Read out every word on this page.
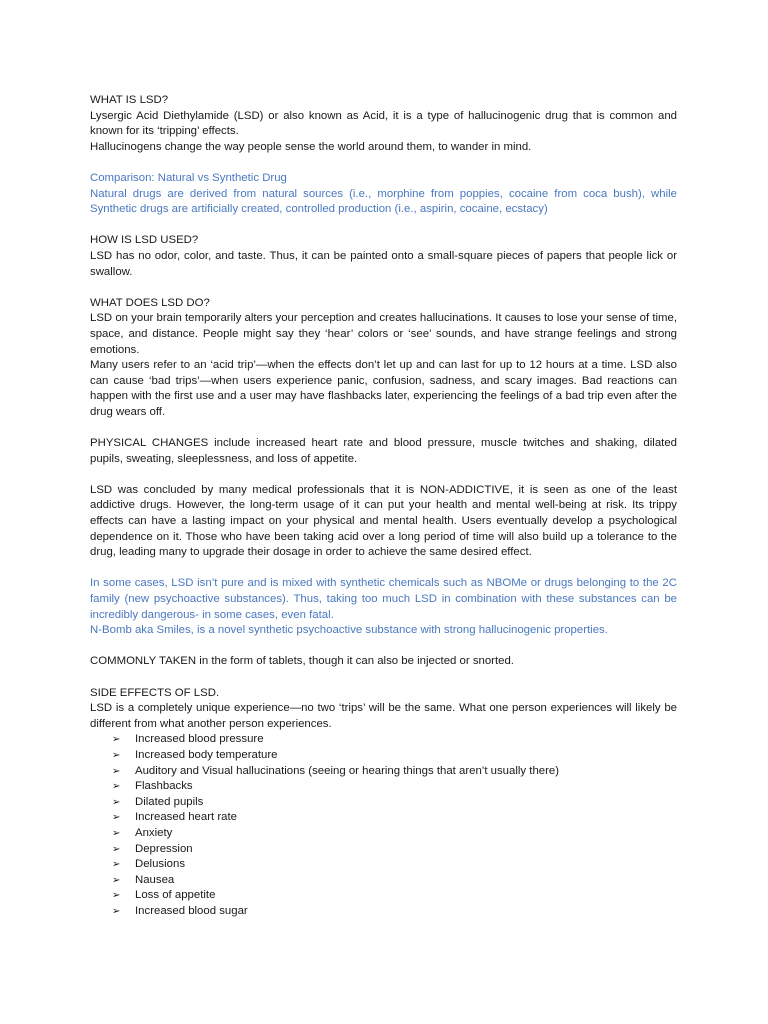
WHAT IS LSD?

Lysergic Acid Diethylamide (LSD) or also known as Acid, it is a type of hallucinogenic drug that is common and known for its ‘tripping’ effects.

Hallucinogens change the way people sense the world around them, to wander in mind.

Comparison: Natural vs Synthetic Drug

Natural drugs are derived from natural sources (i.e., morphine from poppies, cocaine from coca bush), while Synthetic drugs are artificially created, controlled production (i.e., aspirin, cocaine, ecstacy)

HOW IS LSD USED?

LSD has no odor, color, and taste. Thus, it can be painted onto a small-square pieces of papers that people lick or swallow.

WHAT DOES LSD DO?

LSD on your brain temporarily alters your perception and creates hallucinations. It causes to lose your sense of time, space, and distance. People might say they ‘hear’ colors or ‘see’ sounds, and have strange feelings and strong emotions.

Many users refer to an ‘acid trip’—when the effects don’t let up and can last for up to 12 hours at a time. LSD also can cause ‘bad trips’—when users experience panic, confusion, sadness, and scary images. Bad reactions can happen with the first use and a user may have flashbacks later, experiencing the feelings of a bad trip even after the drug wears off.

PHYSICAL CHANGES include increased heart rate and blood pressure, muscle twitches and shaking, dilated pupils, sweating, sleeplessness, and loss of appetite.

LSD was concluded by many medical professionals that it is NON-ADDICTIVE, it is seen as one of the least addictive drugs. However, the long-term usage of it can put your health and mental well-being at risk. Its trippy effects can have a lasting impact on your physical and mental health. Users eventually develop a psychological dependence on it. Those who have been taking acid over a long period of time will also build up a tolerance to the drug, leading many to upgrade their dosage in order to achieve the same desired effect.

In some cases, LSD isn’t pure and is mixed with synthetic chemicals such as NBOMe or drugs belonging to the 2C family (new psychoactive substances). Thus, taking too much LSD in combination with these substances can be incredibly dangerous- in some cases, even fatal.

N-Bomb aka Smiles, is a novel synthetic psychoactive substance with strong hallucinogenic properties.

COMMONLY TAKEN in the form of tablets, though it can also be injected or snorted.

SIDE EFFECTS OF LSD.

LSD is a completely unique experience—no two ‘trips’ will be the same. What one person experiences will likely be different from what another person experiences.

➢ Increased blood pressure
➢ Increased body temperature
➢ Auditory and Visual hallucinations (seeing or hearing things that aren’t usually there)
➢ Flashbacks
➢ Dilated pupils
➢ Increased heart rate
➢ Anxiety
➢ Depression
➢ Delusions
➢ Nausea
➢ Loss of appetite
➢ Increased blood sugar
